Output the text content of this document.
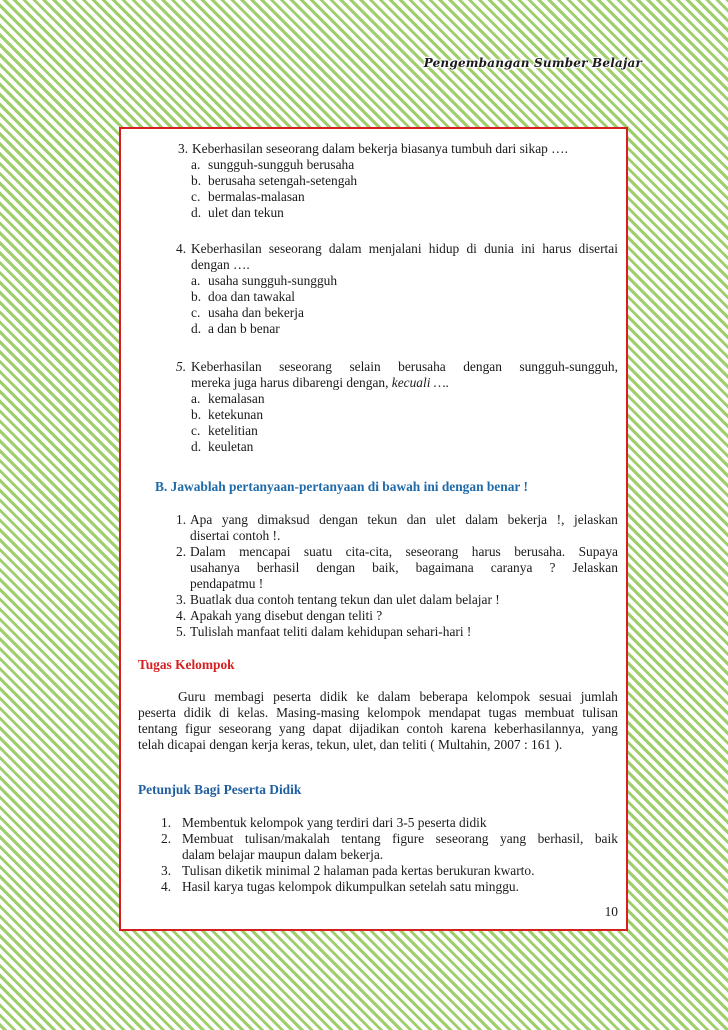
Pengembangan Sumber Belajar
3. Keberhasilan seseorang dalam bekerja biasanya tumbuh dari sikap ….
a. sungguh-sungguh berusaha
b. berusaha setengah-setengah
c. bermalas-malasan
d. ulet dan tekun
4. Keberhasilan seseorang dalam menjalani hidup di dunia ini harus disertai
dengan ….
a. usaha sungguh-sungguh
b. doa dan tawakal
c. usaha dan bekerja
d. a dan b benar
5. Keberhasilan seseorang selain berusaha dengan sungguh-sungguh,
mereka juga harus dibarengi dengan, kecuali ….
a. kemalasan
b. ketekunan
c. ketelitian
d. keuletan
B. Jawablah pertanyaan-pertanyaan di bawah ini dengan benar !
1. Apa yang dimaksud dengan tekun dan ulet dalam bekerja !, jelaskan
disertai contoh !.
2. Dalam mencapai suatu cita-cita, seseorang harus berusaha. Supaya
usahanya berhasil dengan baik, bagaimana caranya ? Jelaskan
pendapatmu !
3. Buatlak dua contoh tentang tekun dan ulet dalam belajar !
4. Apakah yang disebut dengan teliti ?
5. Tulislah manfaat teliti dalam kehidupan sehari-hari !
Tugas Kelompok
Guru membagi peserta didik ke dalam beberapa kelompok sesuai jumlah
peserta didik di kelas. Masing-masing kelompok mendapat tugas membuat tulisan
tentang figur seseorang yang dapat dijadikan contoh karena keberhasilannya, yang
telah dicapai dengan kerja keras, tekun, ulet, dan teliti ( Multahin, 2007 : 161 ).
Petunjuk Bagi Peserta Didik
1. Membentuk kelompok yang terdiri dari 3-5 peserta didik
2. Membuat tulisan/makalah tentang figure seseorang yang berhasil, baik
dalam belajar maupun dalam bekerja.
3. Tulisan diketik minimal 2 halaman pada kertas berukuran kwarto.
4. Hasil karya tugas kelompok dikumpulkan setelah satu minggu.
10
